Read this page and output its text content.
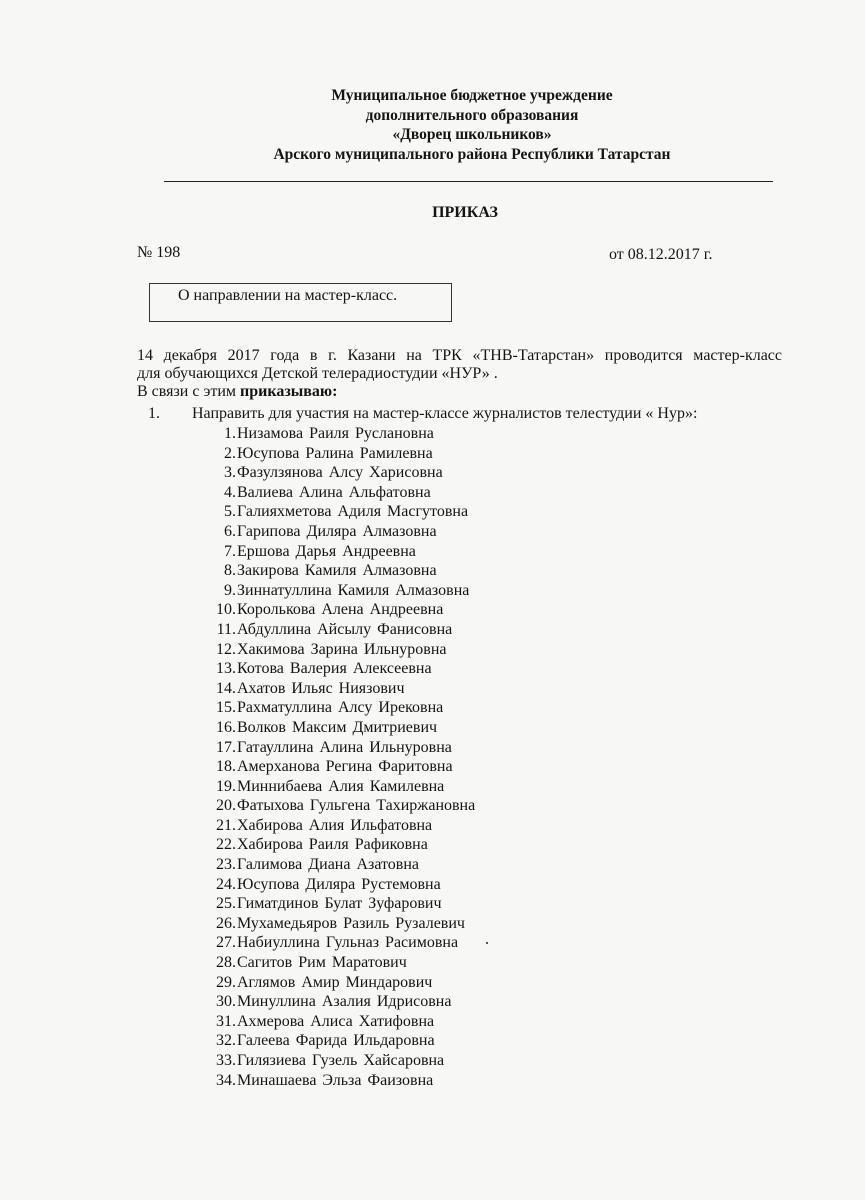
Муниципальное бюджетное учреждение
дополнительного образования
«Дворец школьников»
Арского муниципального района Республики Татарстан
ПРИКАЗ
№ 198	от 08.12.2017 г.
О направлении на мастер-класс.
14 декабря 2017 года в г. Казани на ТРК «ТНВ-Татарстан» проводится мастер-класс
для обучающихся Детской телерадиостудии «НУР» .
В связи с этим приказываю:
1. Направить для участия на мастер-классе журналистов телестудии « Нур»:
1. Низамова Раиля Руслановна
2. Юсупова Ралина Рамилевна
3. Фазулзянова Алсу Харисовна
4. Валиева Алина Альфатовна
5. Галияхметова Адиля Масгутовна
6. Гарипова Диляра Алмазовна
7. Ершова Дарья Андреевна
8. Закирова Камиля Алмазовна
9. Зиннатуллина Камиля Алмазовна
10. Королькова Алена Андреевна
11. Абдуллина Айсылу Фанисовна
12. Хакимова Зарина Ильнуровна
13. Котова Валерия Алексеевна
14. Ахатов Ильяс Ниязович
15. Рахматуллина Алсу Ирековна
16. Волков Максим Дмитриевич
17. Гатауллина Алина Ильнуровна
18. Амерханова Регина Фаритовна
19. Миннибаева Алия Камилевна
20. Фатыхова Гульгена Тахиржановна
21. Хабирова Алия Ильфатовна
22. Хабирова Раиля Рафиковна
23. Галимова Диана Азатовна
24. Юсупова Диляра Рустемовна
25. Гиматдинов Булат Зуфарович
26. Мухамедьяров Разиль Рузалевич
27. Набиуллина Гульназ Расимовна
28. Сагитов Рим Маратович
29. Аглямов Амир Миндарович
30. Минуллина Азалия Идрисовна
31. Ахмерова Алиса Хатифовна
32. Галеева Фарида Ильдаровна
33. Гилязиева Гузель Хайсаровна
34. Минашаева Эльза Фаизовна
